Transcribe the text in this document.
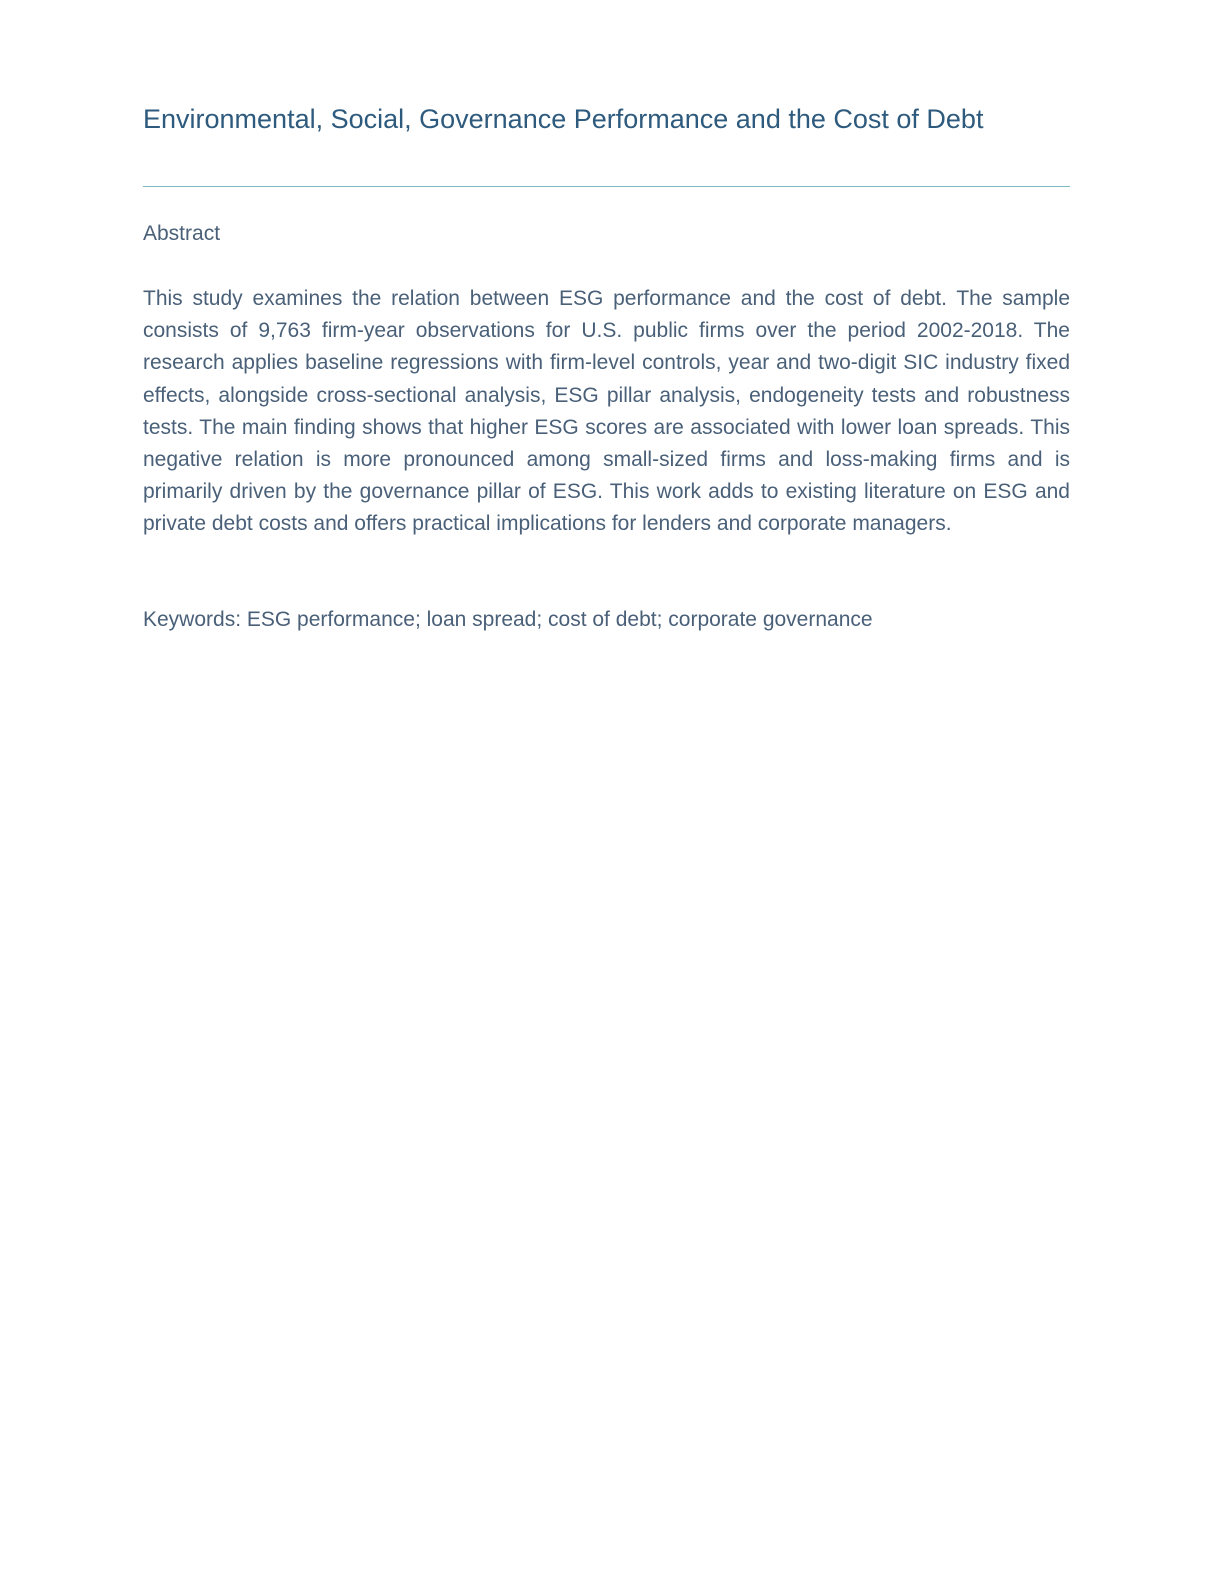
Environmental, Social, Governance Performance and the Cost of Debt
Abstract

This study examines the relation between ESG performance and the cost of debt. The sample consists of 9,763 firm-year observations for U.S. public firms over the period 2002-2018. The research applies baseline regressions with firm-level controls, year and two-digit SIC industry fixed effects, alongside cross-sectional analysis, ESG pillar analysis, endogeneity tests and robustness tests. The main finding shows that higher ESG scores are associated with lower loan spreads. This negative relation is more pronounced among small-sized firms and loss-making firms and is primarily driven by the governance pillar of ESG. This work adds to existing literature on ESG and private debt costs and offers practical implications for lenders and corporate managers.

Keywords: ESG performance; loan spread; cost of debt; corporate governance
